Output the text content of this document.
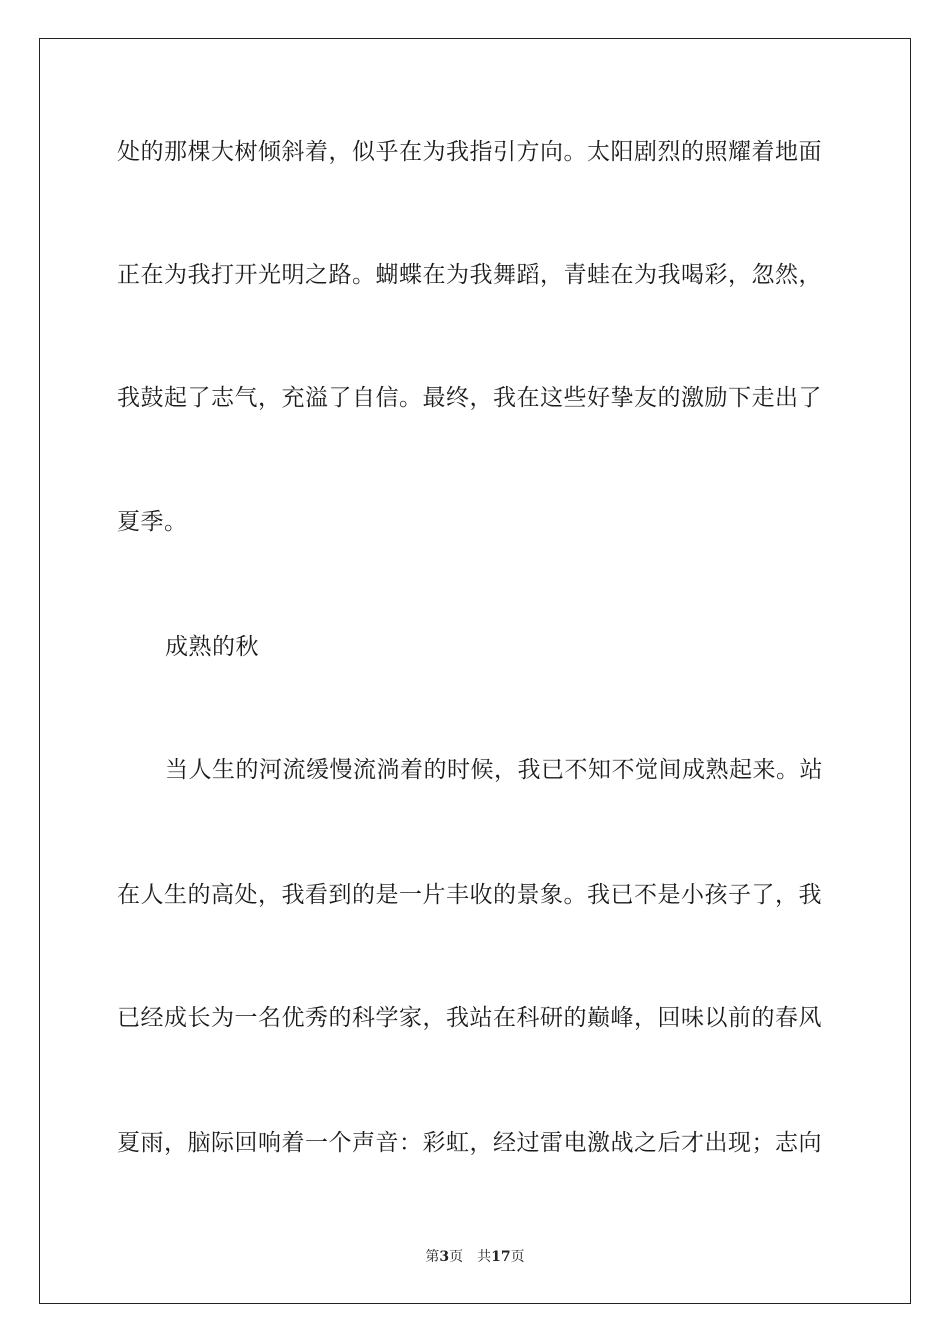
处的那棵大树倾斜着，似乎在为我指引方向。太阳剧烈的照耀着地面
正在为我打开光明之路。蝴蝶在为我舞蹈，青蛙在为我喝彩，忽然，
我鼓起了志气，充溢了自信。最终，我在这些好挚友的激励下走出了
夏季。
成熟的秋
当人生的河流缓慢流淌着的时候，我已不知不觉间成熟起来。站
在人生的高处，我看到的是一片丰收的景象。我已不是小孩子了，我
已经成长为一名优秀的科学家，我站在科研的巅峰，回味以前的春风
夏雨，脑际回响着一个声音：彩虹，经过雷电激战之后才出现；志向
第3页 共17页
